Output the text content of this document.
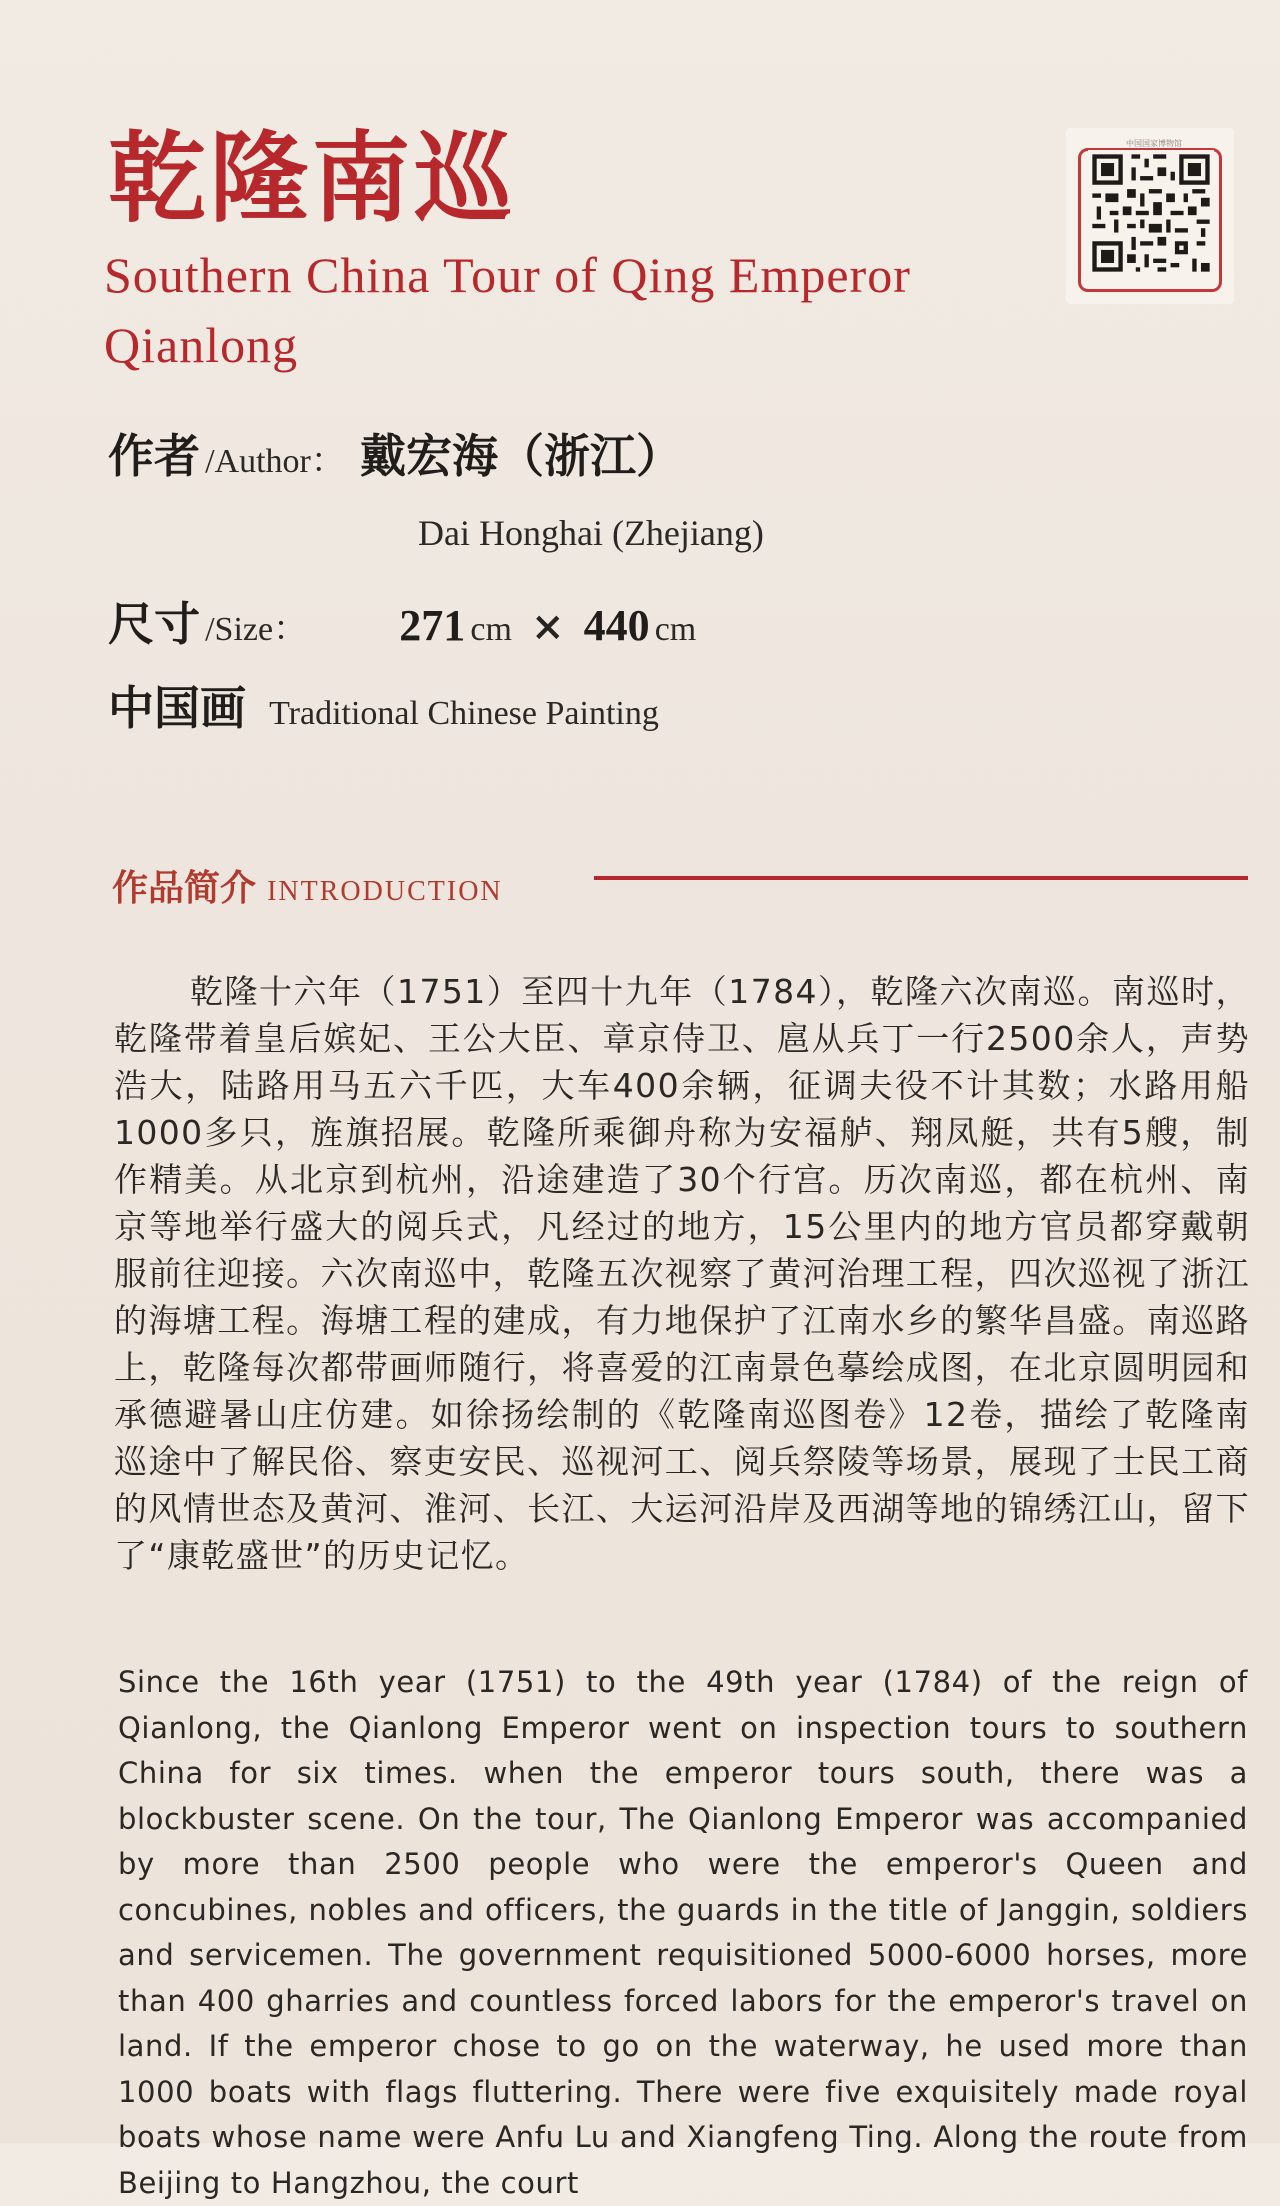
乾隆南巡
Southern China Tour of Qing Emperor Qianlong
中国国家博物馆
作者 /Author： 戴宏海（浙江）
Dai Honghai (Zhejiang)
尺寸 /Size： 271 cm × 440 cm
中国画 Traditional Chinese Painting
作品简介 INTRODUCTION

乾隆十六年（1751）至四十九年（1784），乾隆六次南巡。南巡时，乾隆带着皇后嫔妃、王公大臣、章京侍卫、扈从兵丁一行2500余人，声势浩大，陆路用马五六千匹，大车400余辆，征调夫役不计其数；水路用船1000多只，旌旗招展。乾隆所乘御舟称为安福舻、翔凤艇，共有5艘，制作精美。从北京到杭州，沿途建造了30个行宫。历次南巡，都在杭州、南京等地举行盛大的阅兵式，凡经过的地方，15公里内的地方官员都穿戴朝服前往迎接。六次南巡中，乾隆五次视察了黄河治理工程，四次巡视了浙江的海塘工程。海塘工程的建成，有力地保护了江南水乡的繁华昌盛。南巡路上，乾隆每次都带画师随行，将喜爱的江南景色摹绘成图，在北京圆明园和承德避暑山庄仿建。如徐扬绘制的《乾隆南巡图卷》12卷，描绘了乾隆南巡途中了解民俗、察吏安民、巡视河工、阅兵祭陵等场景，展现了士民工商的风情世态及黄河、淮河、长江、大运河沿岸及西湖等地的锦绣江山，留下了“康乾盛世”的历史记忆。

Since the 16th year (1751) to the 49th year (1784) of the reign of Qianlong, the Qianlong Emperor went on inspection tours to southern China for six times. when the emperor tours south, there was a blockbuster scene. On the tour, The Qianlong Emperor was accompanied by more than 2500 people who were the emperor's Queen and concubines, nobles and officers, the guards in the title of Janggin, soldiers and servicemen. The government requisitioned 5000-6000 horses, more than 400 gharries and countless forced labors for the emperor's travel on land. If the emperor chose to go on the waterway, he used more than 1000 boats with flags fluttering. There were five exquisitely made royal boats whose name were Anfu Lu and Xiangfeng Ting. Along the route from Beijing to Hangzhou, the court
